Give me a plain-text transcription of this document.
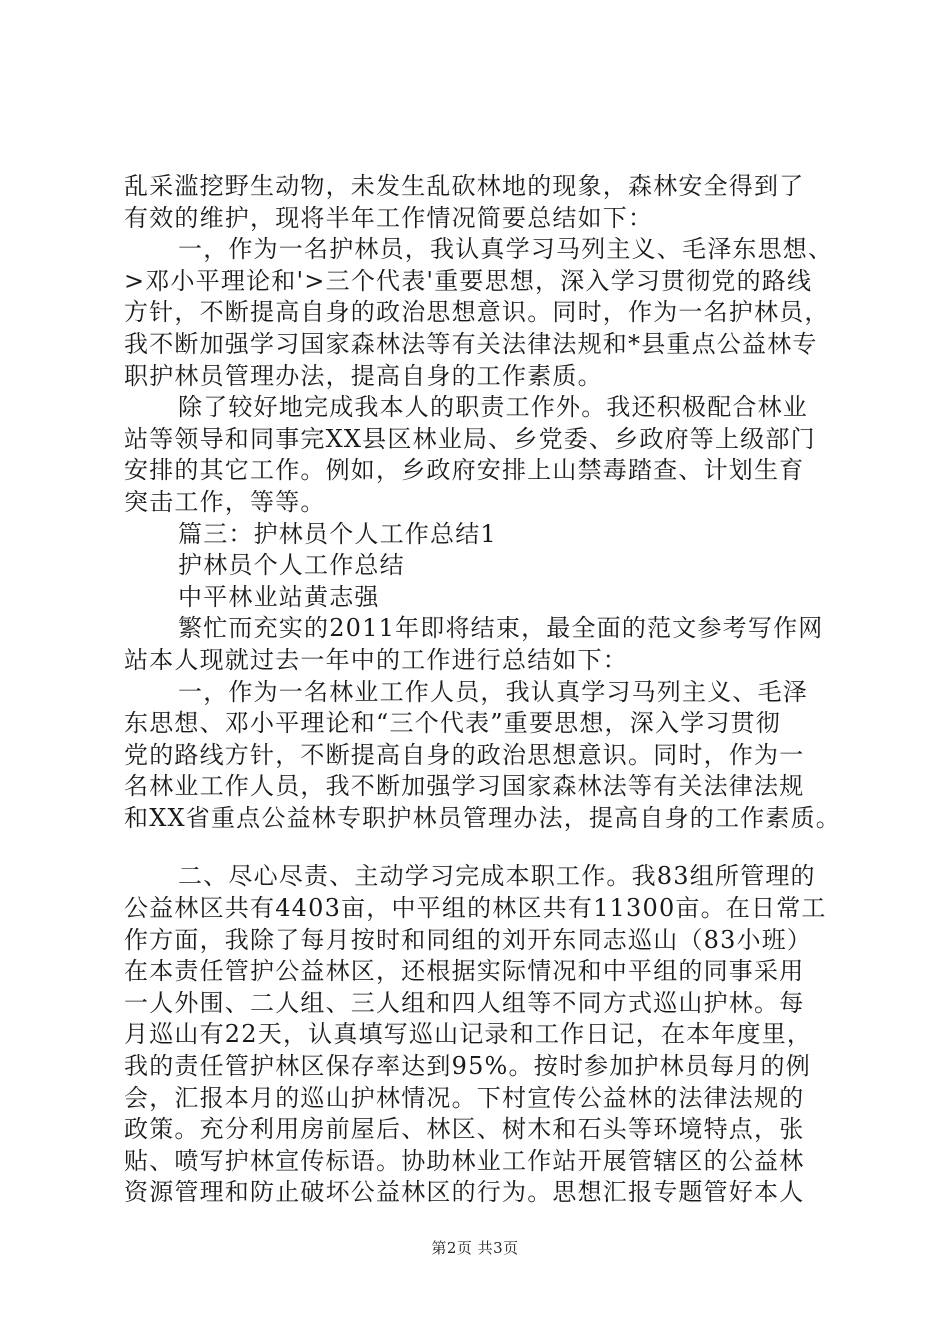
乱采滥挖野生动物，未发生乱砍林地的现象，森林安全得到了
有效的维护，现将半年工作情况简要总结如下：
一，作为一名护林员，我认真学习马列主义、毛泽东思想、
>邓小平理论和'>三个代表'重要思想，深入学习贯彻党的路线
方针，不断提高自身的政治思想意识。同时，作为一名护林员，
我不断加强学习国家森林法等有关法律法规和*县重点公益林专
职护林员管理办法，提高自身的工作素质。
除了较好地完成我本人的职责工作外。我还积极配合林业
站等领导和同事完XX县区林业局、乡党委、乡政府等上级部门
安排的其它工作。例如，乡政府安排上山禁毒踏查、计划生育
突击工作，等等。
篇三：护林员个人工作总结1
护林员个人工作总结
中平林业站黄志强
繁忙而充实的2011年即将结束，最全面的范文参考写作网
站本人现就过去一年中的工作进行总结如下：
一，作为一名林业工作人员，我认真学习马列主义、毛泽
东思想、邓小平理论和“三个代表”重要思想，深入学习贯彻
党的路线方针，不断提高自身的政治思想意识。同时，作为一
名林业工作人员，我不断加强学习国家森林法等有关法律法规
和XX省重点公益林专职护林员管理办法，提高自身的工作素质。
二、尽心尽责、主动学习完成本职工作。我83组所管理的
公益林区共有4403亩，中平组的林区共有11300亩。在日常工
作方面，我除了每月按时和同组的刘开东同志巡山（83小班）
在本责任管护公益林区，还根据实际情况和中平组的同事采用
一人外围、二人组、三人组和四人组等不同方式巡山护林。每
月巡山有22天，认真填写巡山记录和工作日记，在本年度里，
我的责任管护林区保存率达到95%。按时参加护林员每月的例
会，汇报本月的巡山护林情况。下村宣传公益林的法律法规的
政策。充分利用房前屋后、林区、树木和石头等环境特点，张
贴、喷写护林宣传标语。协助林业工作站开展管辖区的公益林
资源管理和防止破坏公益林区的行为。思想汇报专题管好本人
第2页 共3页
